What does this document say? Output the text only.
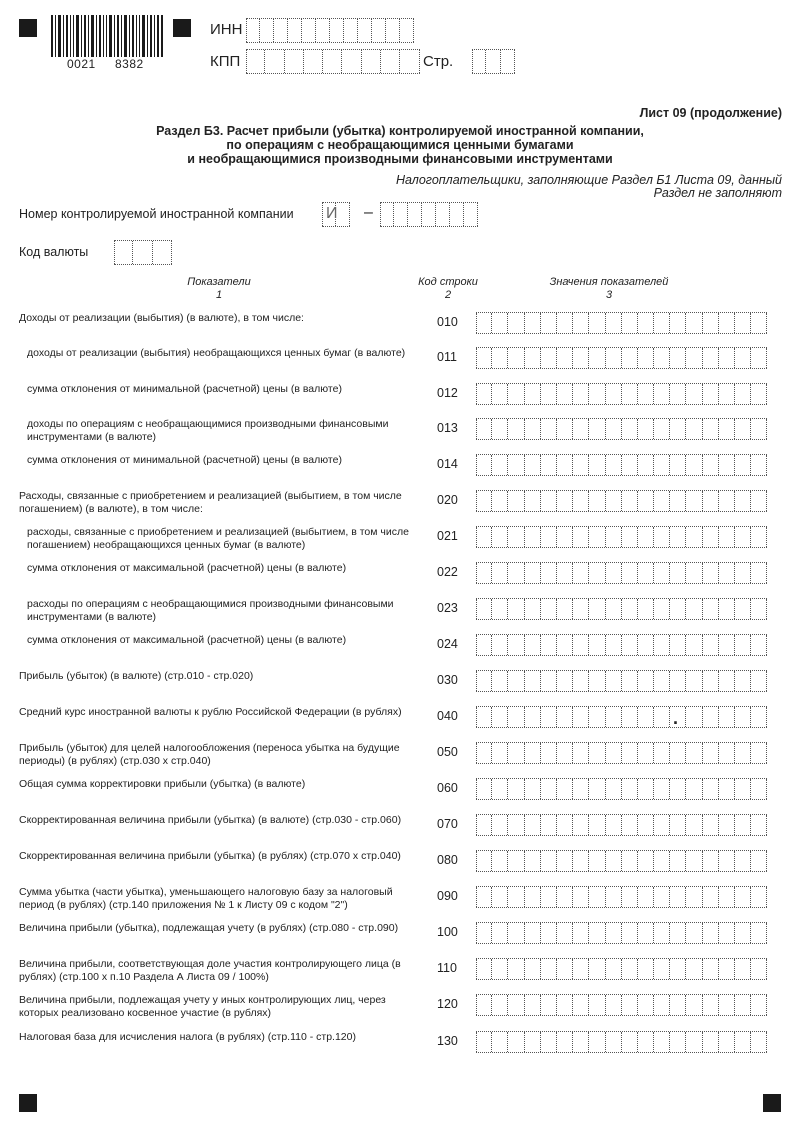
0021 8382
ИНН
КПП	Стр.
Лист 09 (продолжение)
Раздел Б3. Расчет прибыли (убытка) контролируемой иностранной компании,
по операциям с необращающимися ценными бумагами
и необращающимися производными финансовыми инструментами
Налогоплательщики, заполняющие Раздел Б1 Листа 09, данный
Раздел не заполняют
Номер контролируемой иностранной компании И –
Код валюты
Показатели
1
Код строки
2
Значения показателей
3
Доходы от реализации (выбытия) (в валюте), в том числе:	010
доходы от реализации (выбытия) необращающихся ценных бумаг (в валюте)	011
сумма отклонения от минимальной (расчетной) цены (в валюте)	012
доходы по операциям с необращающимися производными финансовыми инструментами (в валюте)
013
сумма отклонения от минимальной (расчетной) цены (в валюте)	014
Расходы, связанные с приобретением и реализацией (выбытием, в том числе погашением) (в валюте), в том числе:
020
расходы, связанные с приобретением и реализацией (выбытием, в том числе погашением) необращающихся ценных бумаг (в валюте)
021
сумма отклонения от максимальной (расчетной) цены (в валюте)	022
расходы по операциям с необращающимися производными финансовыми инструментами (в валюте)
023
сумма отклонения от максимальной (расчетной) цены (в валюте)	024
Прибыль (убыток) (в валюте) (стр.010 - стр.020)	030
Средний курс иностранной валюты к рублю Российской Федерации (в рублях)	040	.
Прибыль (убыток) для целей налогообложения (переноса убытка на будущие периоды) (в рублях) (стр.030 х стр.040)
050
Общая сумма корректировки прибыли (убытка) (в валюте)	060
Скорректированная величина прибыли (убытка) (в валюте) (стр.030 - стр.060)	070
Скорректированная величина прибыли (убытка) (в рублях) (стр.070 х стр.040)	080
Сумма убытка (части убытка), уменьшающего налоговую базу за налоговый период (в рублях) (стр.140 приложения № 1 к Листу 09 с кодом "2")
090
Величина прибыли (убытка), подлежащая учету (в рублях) (стр.080 - стр.090)	100
Величина прибыли, соответствующая доле участия контролирующего лица (в рублях) (стр.100 х п.10 Раздела А Листа 09 / 100%)
110
Величина прибыли, подлежащая учету у иных контролирующих лиц, через которых реализовано косвенное участие (в рублях)
120
Налоговая база для исчисления налога (в рублях) (стр.110 - стр.120)	130
